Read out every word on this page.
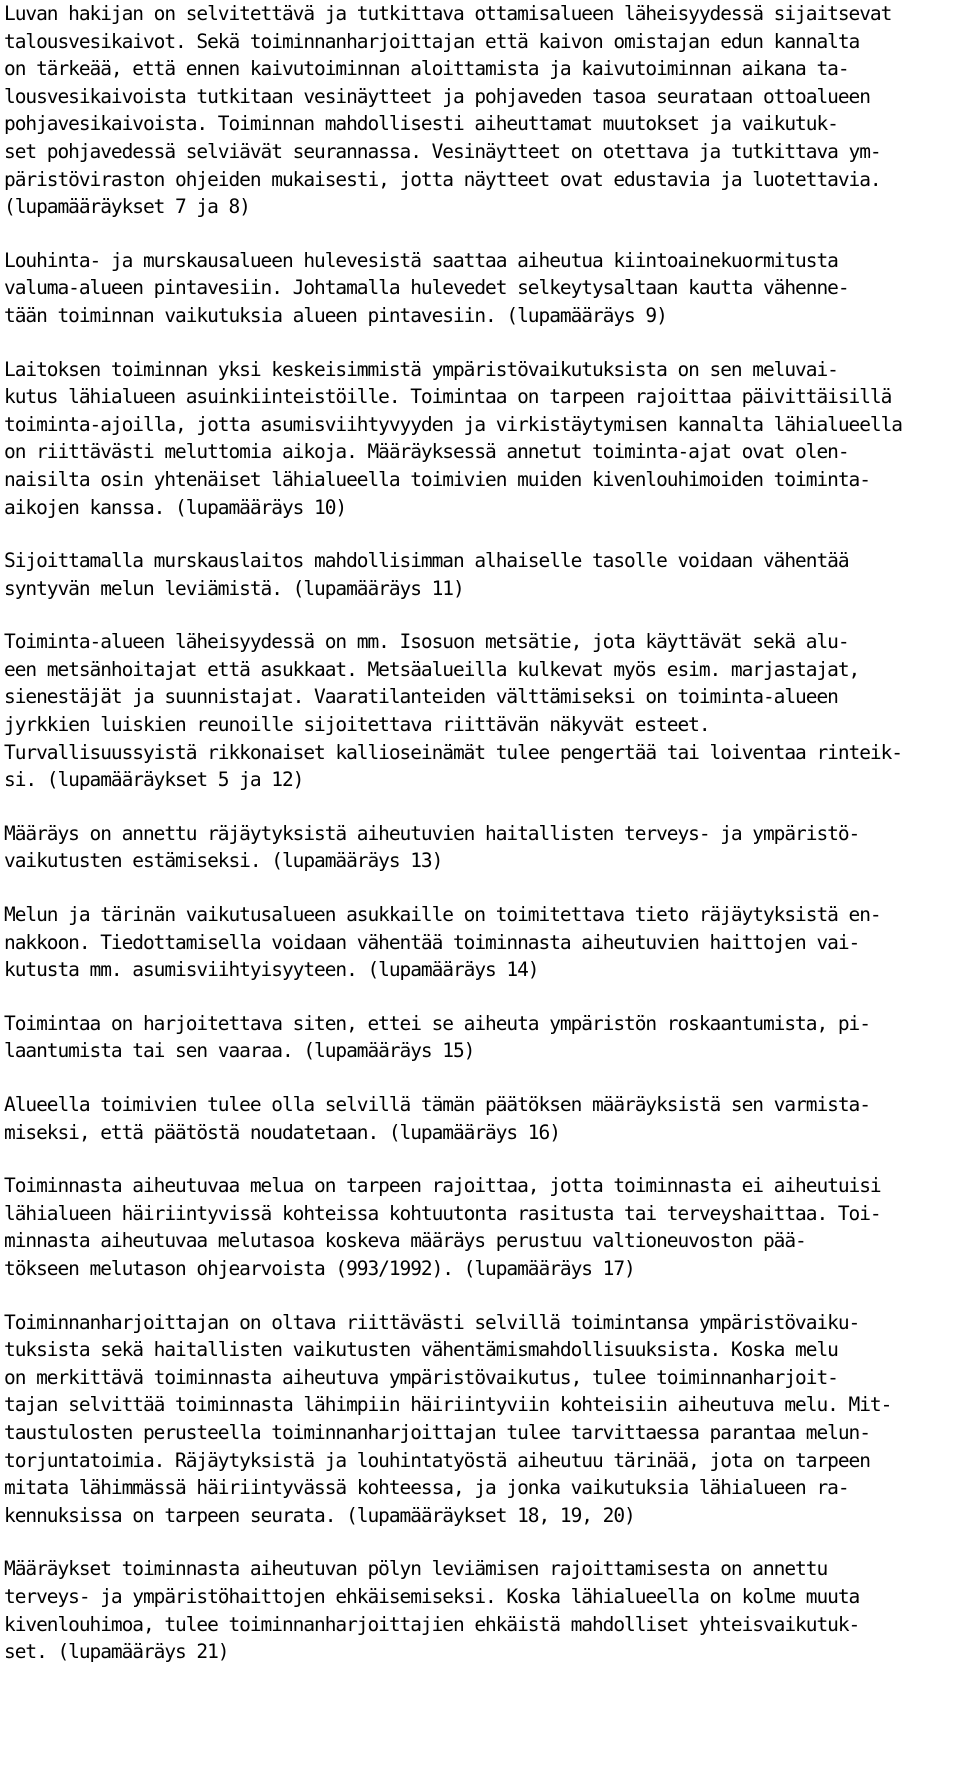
Luvan hakijan on selvitettävä ja tutkittava ottamisalueen läheisyydessä sijaitsevat
talousvesikaivot. Sekä toiminnanharjoittajan että kaivon omistajan edun kannalta
on tärkeää, että ennen kaivutoiminnan aloittamista ja kaivutoiminnan aikana ta-
lousvesikaivoista tutkitaan vesinäytteet ja pohjaveden tasoa seurataan ottoalueen
pohjavesikaivoista. Toiminnan mahdollisesti aiheuttamat muutokset ja vaikutuk-
set pohjavedessä selviävät seurannassa. Vesinäytteet on otettava ja tutkittava ym-
päristöviraston ohjeiden mukaisesti, jotta näytteet ovat edustavia ja luotettavia.
(lupamääräykset 7 ja 8)
Louhinta- ja murskausalueen hulevesistä saattaa aiheutua kiintoainekuormitusta
valuma-alueen pintavesiin. Johtamalla hulevedet selkeytysaltaan kautta vähenne-
tään toiminnan vaikutuksia alueen pintavesiin. (lupamääräys 9)
Laitoksen toiminnan yksi keskeisimmistä ympäristövaikutuksista on sen meluvai-
kutus lähialueen asuinkiinteistöille. Toimintaa on tarpeen rajoittaa päivittäisillä
toiminta-ajoilla, jotta asumisviihtyvyyden ja virkistäytymisen kannalta lähialueella
on riittävästi meluttomia aikoja. Määräyksessä annetut toiminta-ajat ovat olen-
naisilta osin yhtenäiset lähialueella toimivien muiden kivenlouhimoiden toiminta-
aikojen kanssa. (lupamääräys 10)
Sijoittamalla murskauslaitos mahdollisimman alhaiselle tasolle voidaan vähentää
syntyvän melun leviämistä. (lupamääräys 11)
Toiminta-alueen läheisyydessä on mm. Isosuon metsätie, jota käyttävät sekä alu-
een metsänhoitajat että asukkaat. Metsäalueilla kulkevat myös esim. marjastajat,
sienestäjät ja suunnistajat. Vaaratilanteiden välttämiseksi on toiminta-alueen
jyrkkien luiskien reunoille sijoitettava riittävän näkyvät esteet.
Turvallisuussyistä rikkonaiset kallioseinämät tulee pengertää tai loiventaa rinteik-
si. (lupamääräykset 5 ja 12)
Määräys on annettu räjäytyksistä aiheutuvien haitallisten terveys- ja ympäristö-
vaikutusten estämiseksi. (lupamääräys 13)
Melun ja tärinän vaikutusalueen asukkaille on toimitettava tieto räjäytyksistä en-
nakkoon. Tiedottamisella voidaan vähentää toiminnasta aiheutuvien haittojen vai-
kutusta mm. asumisviihtyisyyteen. (lupamääräys 14)
Toimintaa on harjoitettava siten, ettei se aiheuta ympäristön roskaantumista, pi-
laantumista tai sen vaaraa. (lupamääräys 15)
Alueella toimivien tulee olla selvillä tämän päätöksen määräyksistä sen varmista-
miseksi, että päätöstä noudatetaan. (lupamääräys 16)
Toiminnasta aiheutuvaa melua on tarpeen rajoittaa, jotta toiminnasta ei aiheutuisi
lähialueen häiriintyvissä kohteissa kohtuutonta rasitusta tai terveyshaittaa. Toi-
minnasta aiheutuvaa melutasoa koskeva määräys perustuu valtioneuvoston pää-
tökseen melutason ohjearvoista (993/1992). (lupamääräys 17)
Toiminnanharjoittajan on oltava riittävästi selvillä toimintansa ympäristövaiku-
tuksista sekä haitallisten vaikutusten vähentämismahdollisuuksista. Koska melu
on merkittävä toiminnasta aiheutuva ympäristövaikutus, tulee toiminnanharjoit-
tajan selvittää toiminnasta lähimpiin häiriintyviin kohteisiin aiheutuva melu. Mit-
taustulosten perusteella toiminnanharjoittajan tulee tarvittaessa parantaa melun-
torjuntatoimia. Räjäytyksistä ja louhintatyöstä aiheutuu tärinää, jota on tarpeen
mitata lähimmässä häiriintyvässä kohteessa, ja jonka vaikutuksia lähialueen ra-
kennuksissa on tarpeen seurata. (lupamääräykset 18, 19, 20)
Määräykset toiminnasta aiheutuvan pölyn leviämisen rajoittamisesta on annettu
terveys- ja ympäristöhaittojen ehkäisemiseksi. Koska lähialueella on kolme muuta
kivenlouhimoa, tulee toiminnanharjoittajien ehkäistä mahdolliset yhteisvaikutuk-
set. (lupamääräys 21)
